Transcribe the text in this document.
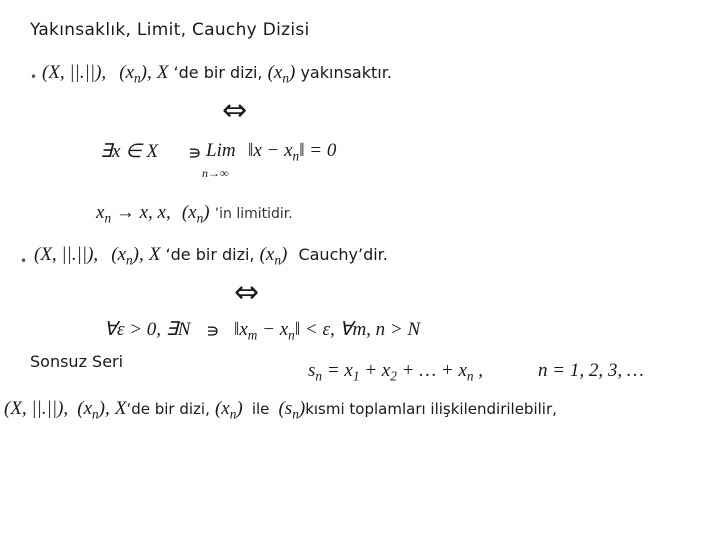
Yakınsaklık, Limit, Cauchy Dizisi
• (X, ||.||), $(x_n)$, X ‘de bir dizi, $(x_n)$ yakınsaktır.
⇔
∃x ∈ X ∍ Lim
n→∞
‖x − $x_n‖ = 0$
$x_n \to x$, x, $(x_n)$ ’in limitidir.
• (X, ||.||), $(x_n)$, X ‘de bir dizi, $(x_n)$ Cauchy’dir.
⇔
∀ε > 0, ∃N ∍ $‖x_m$ − $x_n‖ < \varepsilon$, ∀m, n > N
Sonsuz Seri	$s_n = x_1 + x_2$ + … + $x_n$ ,	n = 1, 2, 3, …
(X, ||.||), $(x_n)$, X‘de bir dizi, $(x_n)$ ile $(s_n)kısmi$ toplamları ilişkilendirilebilir,
